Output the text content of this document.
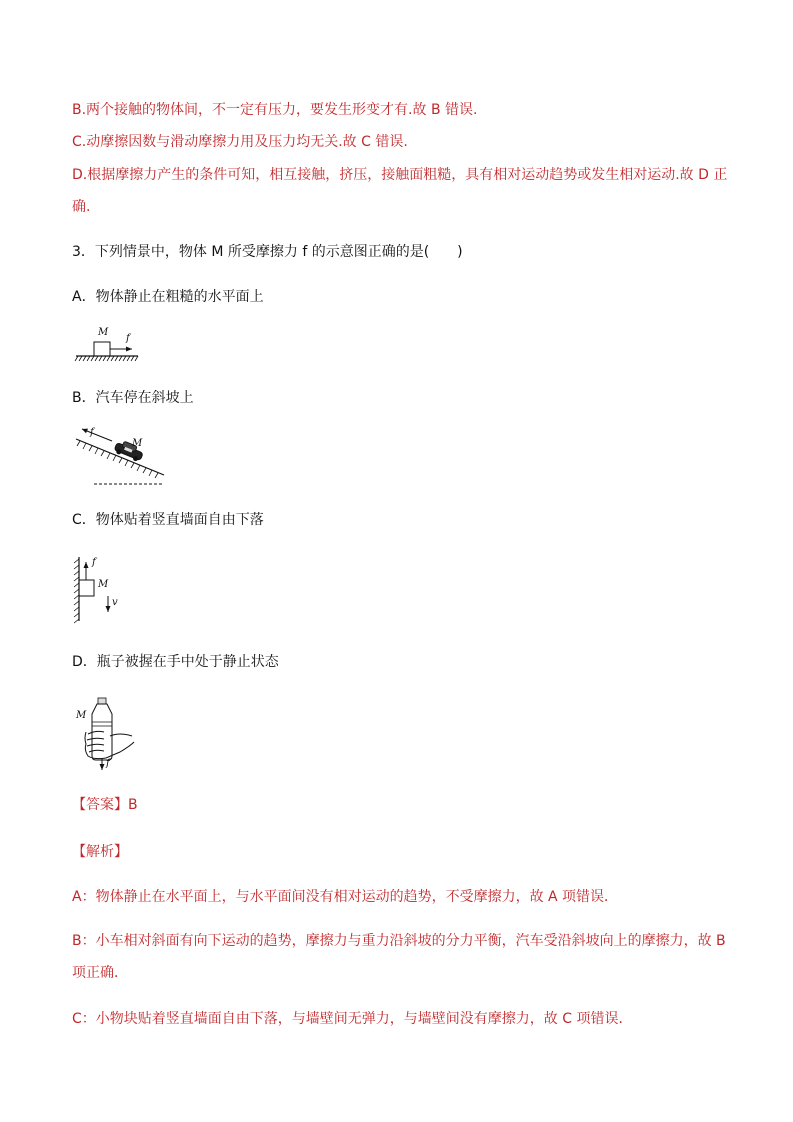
B.两个接触的物体间，不一定有压力，要发生形变才有.故 B 错误.
C.动摩擦因数与滑动摩擦力用及压力均无关.故 C 错误.
D.根据摩擦力产生的条件可知，相互接触，挤压，接触面粗糙，具有相对运动趋势或发生相对运动.故 D 正
确.
3．下列情景中，物体 M 所受摩擦力 f 的示意图正确的是(　　)
A．物体静止在粗糙的水平面上
M
f
B．汽车停在斜坡上
f
M
C．物体贴着竖直墙面自由下落
f
M
v
D．瓶子被握在手中处于静止状态
M
f
【答案】B
【解析】
A：物体静止在水平面上，与水平面间没有相对运动的趋势，不受摩擦力，故 A 项错误．
B：小车相对斜面有向下运动的趋势，摩擦力与重力沿斜坡的分力平衡，汽车受沿斜坡向上的摩擦力，故 B
项正确．
C：小物块贴着竖直墙面自由下落，与墙壁间无弹力，与墙壁间没有摩擦力，故 C 项错误．
